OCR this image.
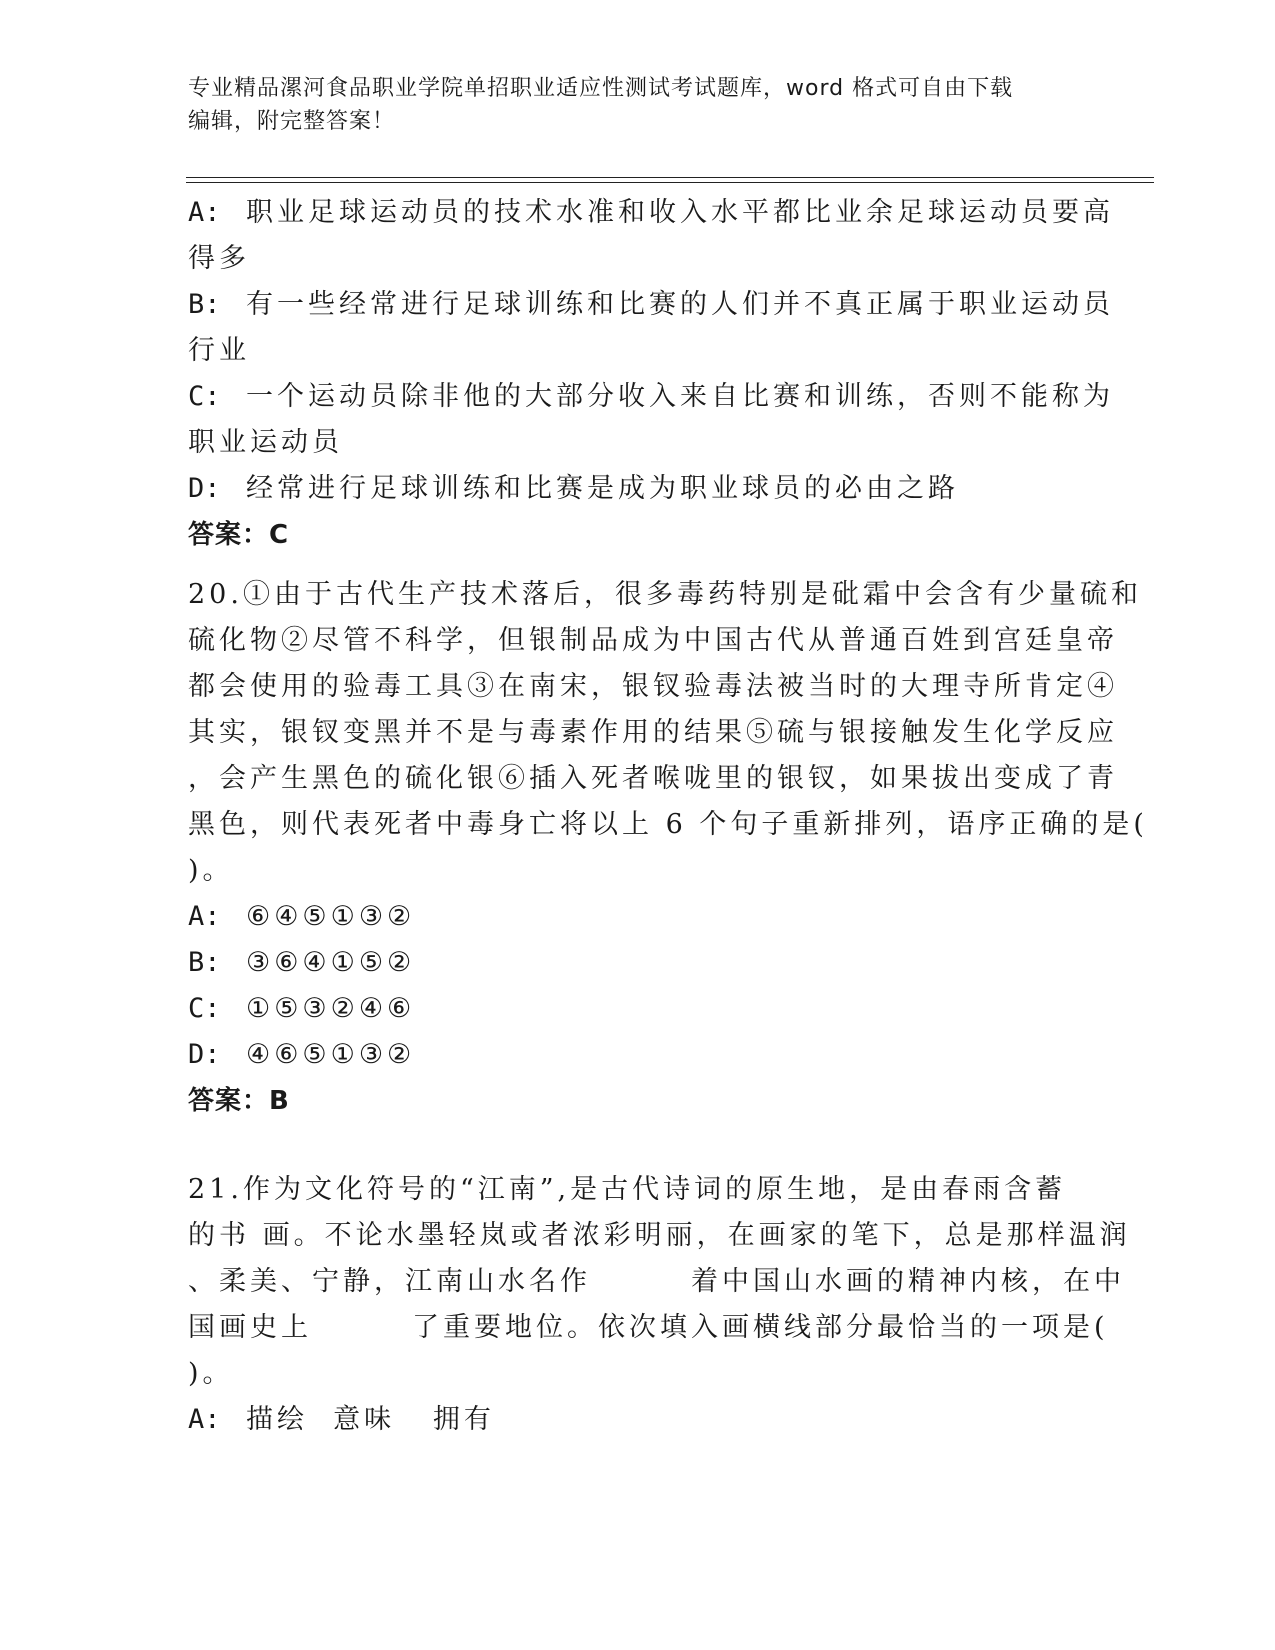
专业精品漯河食品职业学院单招职业适应性测试考试题库，word 格式可自由下载
编辑，附完整答案！
A: 职业足球运动员的技术水准和收入水平都比业余足球运动员要高
得多
B: 有一些经常进行足球训练和比赛的人们并不真正属于职业运动员
行业
C: 一个运动员除非他的大部分收入来自比赛和训练，否则不能称为
职业运动员
D: 经常进行足球训练和比赛是成为职业球员的必由之路
答案：C
20.①由于古代生产技术落后，很多毒药特别是砒霜中会含有少量硫和
硫化物②尽管不科学，但银制品成为中国古代从普通百姓到宫廷皇帝
都会使用的验毒工具③在南宋，银钗验毒法被当时的大理寺所肯定④
其实，银钗变黑并不是与毒素作用的结果⑤硫与银接触发生化学反应
，会产生黑色的硫化银⑥插入死者喉咙里的银钗，如果拔出变成了青
黑色，则代表死者中毒身亡将以上 6 个句子重新排列，语序正确的是(
)。
A: ⑥④⑤①③②
B: ③⑥④①⑤②
C: ①⑤③②④⑥
D: ④⑥⑤①③②
答案：B
21.作为文化符号的“江南”,是古代诗词的原生地，是由春雨含蓄
的书 画。不论水墨轻岚或者浓彩明丽，在画家的笔下，总是那样温润
、柔美、宁静，江南山水名作	着中国山水画的精神内核，在中
国画史上	了重要地位。依次填入画横线部分最恰当的一项是(
)。
A: 描绘  意味   拥有
